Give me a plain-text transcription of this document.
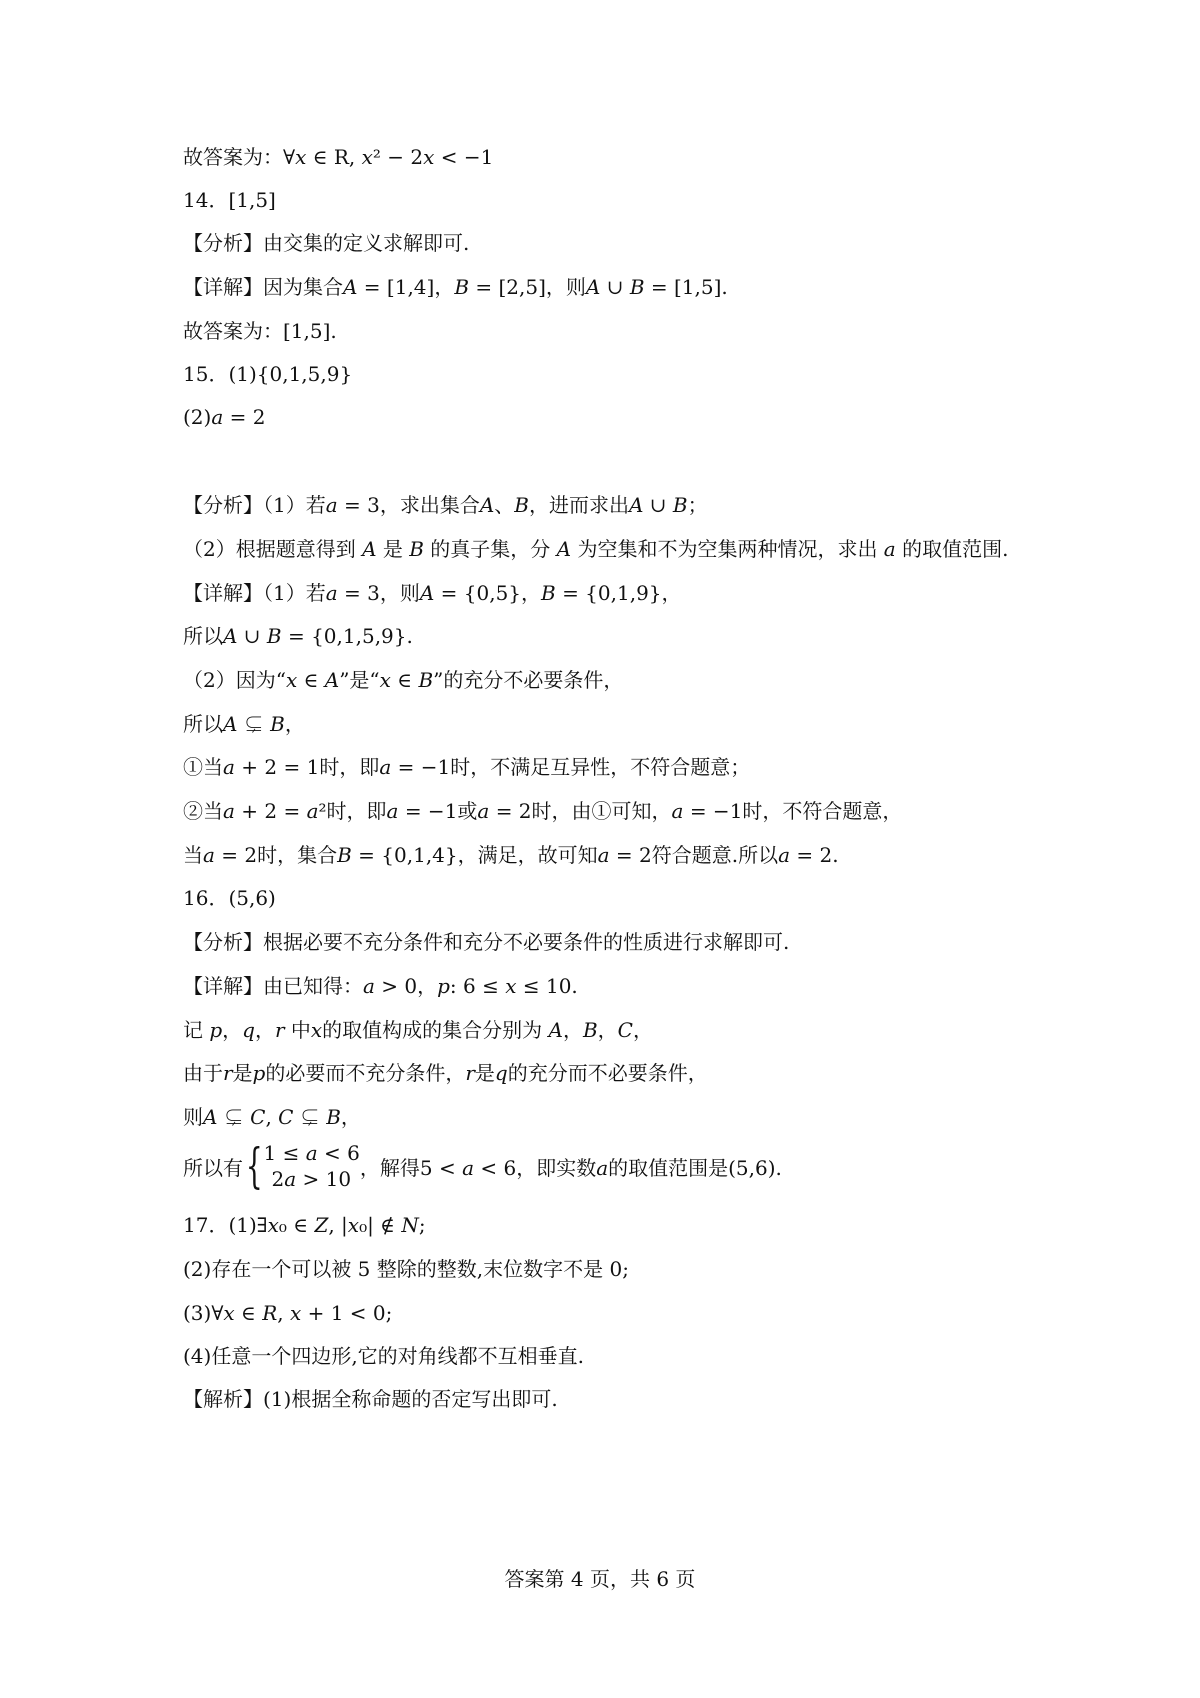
故答案为：∀𝑥 ∈ R, 𝑥² − 2𝑥 < −1
14．[1,5]
【分析】由交集的定义求解即可.
【详解】因为集合𝐴 = [1,4]，𝐵 = [2,5]，则𝐴 ∪ 𝐵 = [1,5].
故答案为：[1,5].
15．(1){0,1,5,9}
(2)𝑎 = 2
【分析】（1）若𝑎 = 3，求出集合𝐴、𝐵，进而求出𝐴 ∪ 𝐵；
（2）根据题意得到 𝐴 是 𝐵 的真子集，分 𝐴 为空集和不为空集两种情况，求出 𝑎 的取值范围.
【详解】（1）若𝑎 = 3，则𝐴 = {0,5}，𝐵 = {0,1,9}，
所以𝐴 ∪ 𝐵 = {0,1,5,9}.
（2）因为“𝑥 ∈ 𝐴”是“𝑥 ∈ 𝐵”的充分不必要条件，
所以𝐴 ⊊ 𝐵，
①当𝑎 + 2 = 1时，即𝑎 = −1时，不满足互异性，不符合题意；
②当𝑎 + 2 = 𝑎²时，即𝑎 = −1或𝑎 = 2时，由①可知，𝑎 = −1时，不符合题意，
当𝑎 = 2时，集合𝐵 = {0,1,4}，满足，故可知𝑎 = 2符合题意.所以𝑎 = 2.
16．(5,6)
【分析】根据必要不充分条件和充分不必要条件的性质进行求解即可.
【详解】由已知得：𝑎 > 0，𝑝: 6 ≤ 𝑥 ≤ 10.
记 𝑝，𝑞，𝑟 中𝑥的取值构成的集合分别为 𝐴，𝐵，𝐶，
由于𝑟是𝑝的必要而不充分条件，𝑟是𝑞的充分而不必要条件，
则𝐴 ⊊ 𝐶, 𝐶 ⊊ 𝐵，
所以有 { 1 ≤ 𝑎 < 6
2𝑎 > 10 ，解得5 < 𝑎 < 6，即实数𝑎的取值范围是(5,6).
17．(1)∃𝑥₀ ∈ 𝑍, |𝑥₀| ∉ 𝑁;
(2)存在一个可以被 5 整除的整数,末位数字不是 0;
(3)∀𝑥 ∈ 𝑅, 𝑥 + 1 < 0;
(4)任意一个四边形,它的对角线都不互相垂直.
【解析】(1)根据全称命题的否定写出即可.
答案第 4 页，共 6 页
